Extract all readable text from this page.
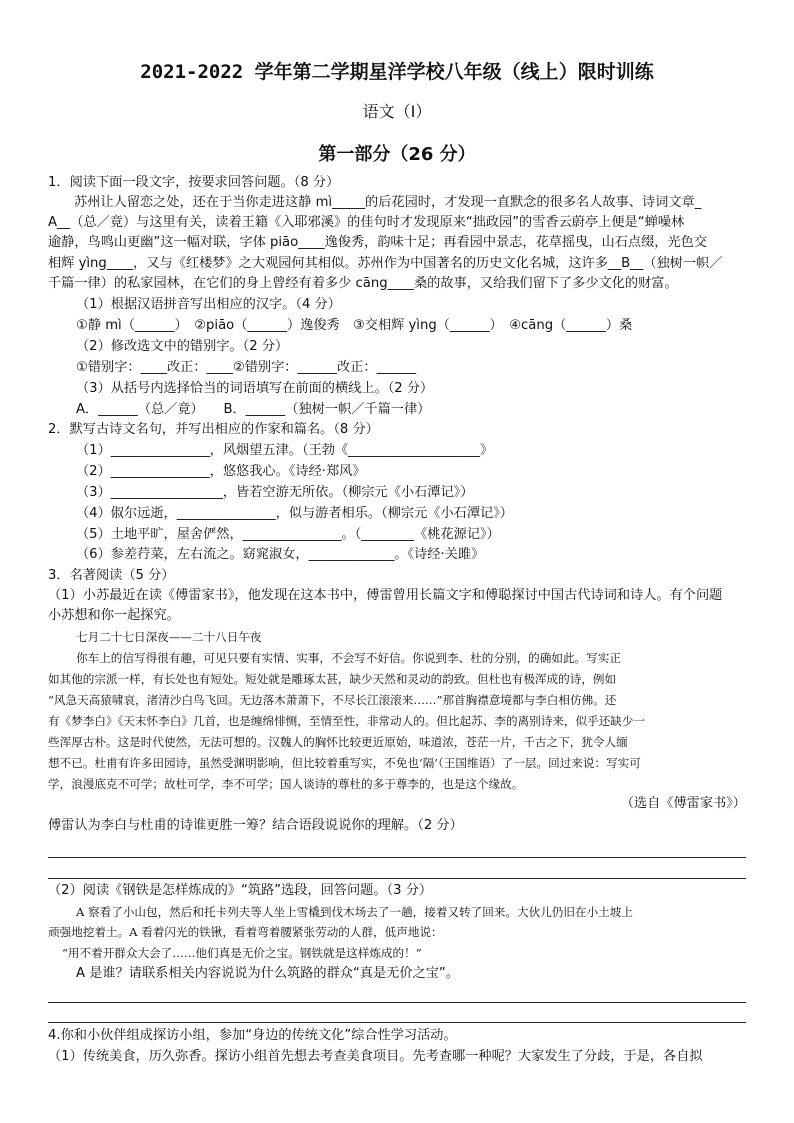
2021-2022 学年第二学期星洋学校八年级（线上）限时训练
语文（Ⅰ）
第一部分（26 分）
1．阅读下面一段文字，按要求回答问题。（8 分）
苏州让人留恋之处，还在于当你走进这静 mì_____的后花园时，才发现一直默念的很多名人故事、诗词文章_
A__（总／竟）与这里有关，读着王籍《入耶邪溪》的佳句时才发现原来“拙政园”的雪香云蔚亭上便是“蝉噪林
逾静，鸟鸣山更幽”这一幅对联，字体 piāo____逸俊秀，韵味十足；再看园中景志，花草摇曳，山石点缀，光色交
相辉 yìng____，又与《红楼梦》之大观园何其相似。苏州作为中国著名的历史文化名城，这许多__B__（独树一帜／
千篇一律）的私家园林，在它们的身上曾经有着多少 cāng____桑的故事，又给我们留下了多少文化的财富。
（1）根据汉语拼音写出相应的汉字。（4 分）
①静 mì（______）　②piāo（______）逸俊秀　③交相辉 yìng（______）　④cāng（______）桑
（2）修改选文中的错别字。（2 分）
①错别字：____改正：____②错别字：______改正：______
（3）从括号内选择恰当的词语填写在前面的横线上。（2 分）
A．______（总／竟）　　B．______（独树一帜／千篇一律）
2．默写古诗文名句，并写出相应的作家和篇名。（8 分）
（1）_______________，风烟望五津。（王勃《____________________》
（2）_______________，悠悠我心。《诗经·郑风》
（3）_________________，皆若空游无所依。（柳宗元《小石潭记》）
（4）俶尔远逝，_______________，似与游者相乐。（柳宗元《小石潭记》）
（5）土地平旷，屋舍俨然，_______________。（________《桃花源记》）
（6）参差荇菜，左右流之。窈窕淑女，_____________。《诗经·关雎》
3．名著阅读（5 分）
（1）小苏最近在读《傅雷家书》，他发现在这本书中，傅雷曾用长篇文字和傅聪探讨中国古代诗词和诗人。有个问题
小苏想和你一起探究。
七月二十七日深夜——二十八日午夜
你车上的信写得很有趣，可见只要有实情、实事，不会写不好信。你说到李、杜的分别，的确如此。写实正
如其他的宗派一样，有长处也有短处。短处就是雕琢太甚，缺少天然和灵动的韵致。但杜也有极浑成的诗，例如
“风急天高猿啸哀，渚清沙白鸟飞回。无边落木萧萧下，不尽长江滚滚来……”那首胸襟意境都与李白相仿佛。还
有《梦李白》《天末怀李白》几首，也是缠绵悱恻，至情至性，非常动人的。但比起苏、李的离别诗来，似乎还缺少一
些浑厚古朴。这是时代使然，无法可想的。汉魏人的胸怀比较更近原始，味道浓，苍茫一片，千古之下，犹令人缅
想不已。杜甫有许多田园诗，虽然受渊明影响，但比较着重写实，不免也‘隔’（王国维语）了一层。回过来说：写实可
学，浪漫底克不可学；故杜可学，李不可学；国人谈诗的尊杜的多于尊李的，也是这个缘故。
（选自《傅雷家书》）
傅雷认为李白与杜甫的诗谁更胜一筹？结合语段说说你的理解。（2 分）
（2）阅读《钢铁是怎样炼成的》“筑路”选段，回答问题。（3 分）
A 察看了小山包，然后和托卡列夫等人坐上雪橇到伐木场去了一趟，接着又转了回来。大伙儿仍旧在小土坡上
顽强地挖着土。A 看着闪光的铁锹，看着弯着腰紧张劳动的人群，低声地说：
“用不着开群众大会了……他们真是无价之宝。钢铁就是这样炼成的！”
A 是谁？请联系相关内容说说为什么筑路的群众“真是无价之宝”。
4.你和小伙伴组成探访小组，参加“身边的传统文化”综合性学习活动。
（1）传统美食，历久弥香。探访小组首先想去考查美食项目。先考查哪一种呢？大家发生了分歧，于是，各自拟
